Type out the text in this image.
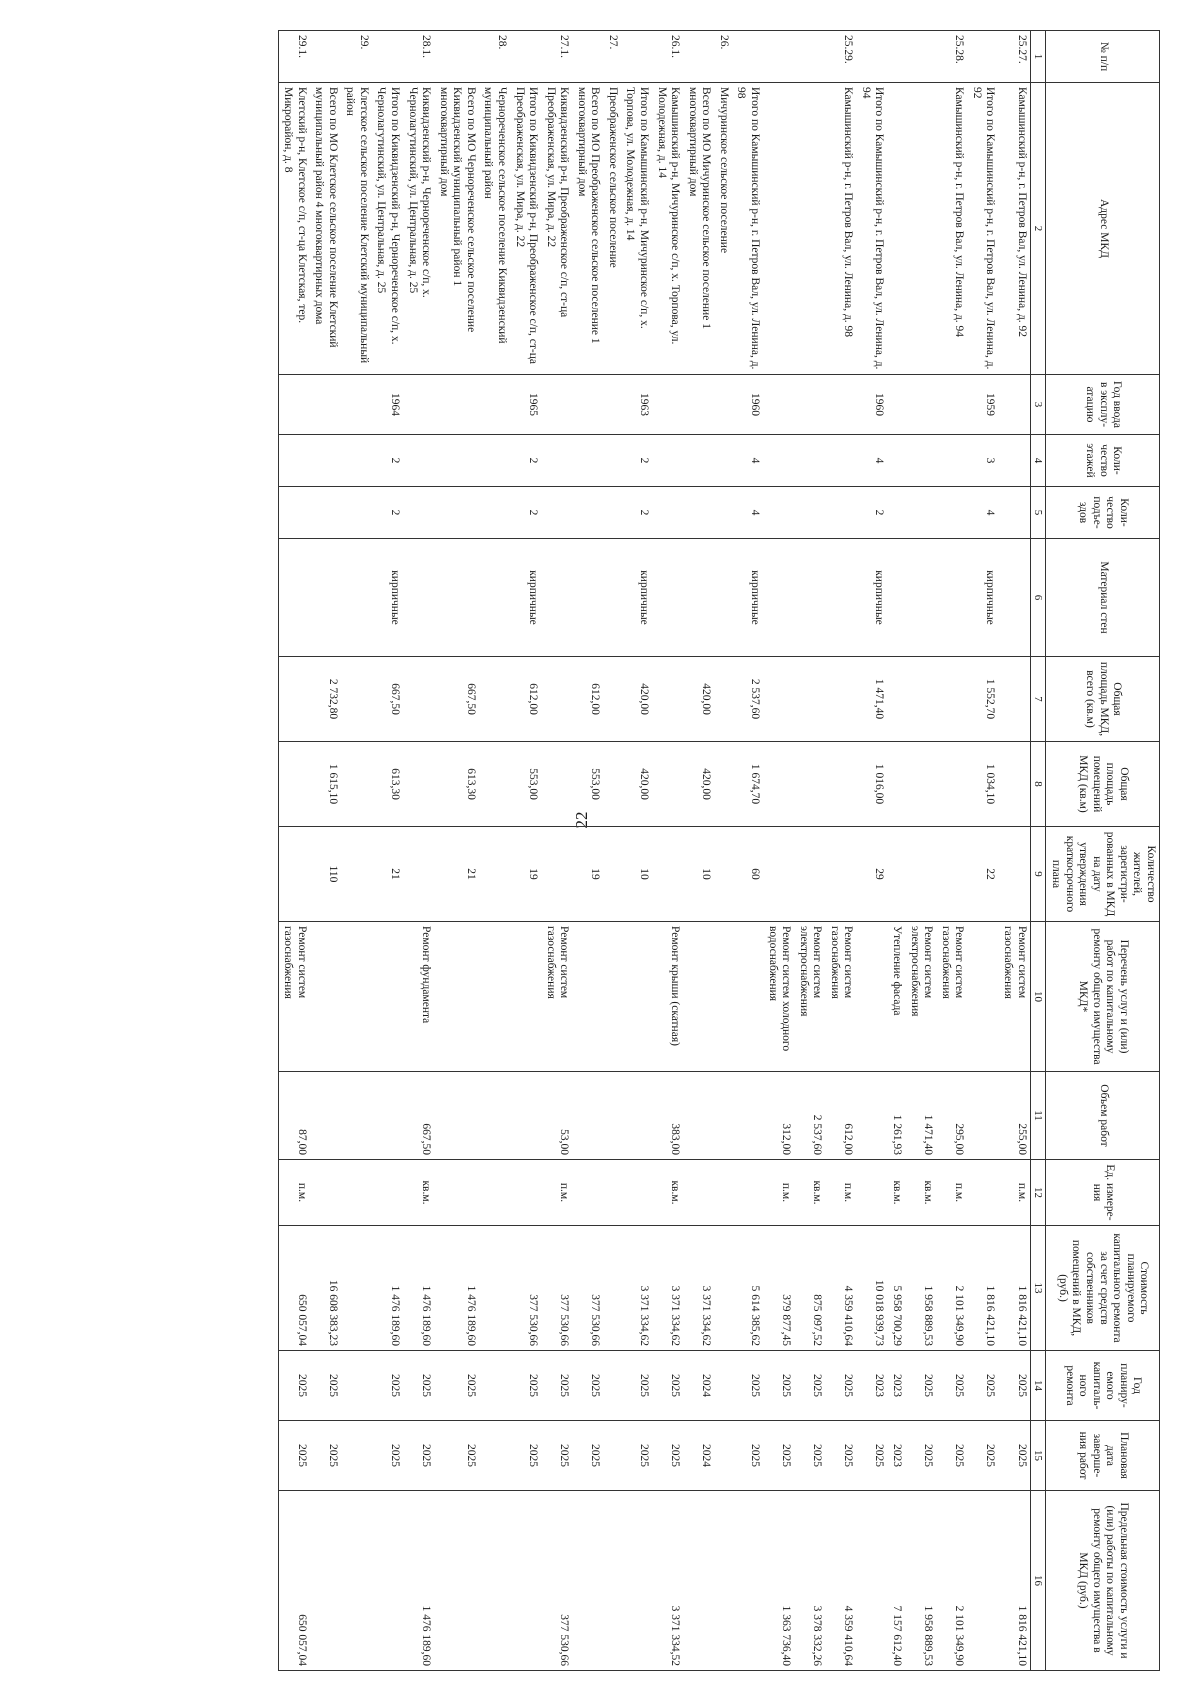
22
№ п/п	Адрес МКД	Год ввода в эксплу-атацию	Коли-чество этажей	Коли-чество подъе-здов	Материал стен	Общая площадь МКД, всего (кв.м)	Общая площадь помещений МКД (кв.м)	Количество жителей, зарегистри-рованных в МКД на дату утверждения краткосрочного плана	Перечень услуг и (или) работ по капитальному ремонту общего имущества МКД*	Объем работ	Ед. измере-ния	Стоимость планируемого капитального ремонта за счет средств собственников помещений в МКД, (руб.)	Год планиру-емого капиталь-ного ремонта	Плановая дата заверше-ния работ	Предельная стоимость услуги и (или) работы по капитальному ремонту общего имущества в МКД (руб.)
1	2	3	4	5	6	7	8	9	10	11	12	13	14	15	16
25.27.	Камышинский р-н, г. Петров Вал, ул. Ленина, д. 92								Ремонт систем газоснабжения	255,00	п.м.	1 816 421,10	2025	2025	1 816 421,10
	Итого по Камышинский р-н, г. Петров Вал, ул. Ленина, д. 92	1959	3	4	кирпичные	1 552,70	1 034,10	22				1 816 421,10	2025	2025	
25.28.	Камышинский р-н, г. Петров Вал, ул. Ленина, д. 94								Ремонт систем газоснабжения	295,00	п.м.	2 101 349,90	2025	2025	2 101 349,90
									Ремонт систем электроснабжения	1 471,40	кв.м.	1 958 889,53	2025	2025	1 958 889,53
									Утепление фасада	1 261,93	кв.м.	5 958 700,29	2023	2023	7 157 612,40
	Итого по Камышинский р-н, г. Петров Вал, ул. Ленина, д. 94	1960	4	2	кирпичные	1 471,40	1 016,00	29				10 018 939,73	2023	2025	
25.29.	Камышинский р-н, г. Петров Вал, ул. Ленина, д. 98								Ремонт систем газоснабжения	612,00	п.м.	4 359 410,64	2025	2025	4 359 410,64
									Ремонт систем электроснабжения	2 537,60	кв.м.	875 097,52	2025	2025	3 378 332,26
									Ремонт систем холодного водоснабжения	312,00	п.м.	379 877,45	2025	2025	1 363 736,40
	Итого по Камышинский р-н, г. Петров Вал, ул. Ленина, д. 98	1960	4	4	кирпичные	2 537,60	1 674,70	60				5 614 385,62	2025	2025	
26.	Мичуринское сельское поселение														
	Всего по МО Мичуринское сельское поселение 1 многоквартирный дом					420,00	420,00	10				3 371 334,62	2024	2024	
26.1.	Камышинский р-н, Мичуринское с/п, х. Торпова, ул. Молодежная, д. 14								Ремонт крыши (скатная)	383,00	кв.м.	3 371 334,62	2025	2025	3 371 334,52
	Итого по Камышинский р-н, Мичуринское с/п, х. Торпова, ул. Молодежная, д. 14	1963	2	2	кирпичные	420,00	420,00	10				3 371 334,62	2025	2025	
27.	Преображенское сельское поселение														
	Всего по МО Преображенское сельское поселение 1 многоквартирный дом					612,00	553,00	19				377 530,66	2025	2025	
27.1.	Киквидзенский р-н, Преображенское с/п, ст-ца Преображенская, ул. Мира, д. 22								Ремонт систем газоснабжения	53,00	п.м.	377 530,66	2025	2025	377 530,66
	Итого по Киквидзенский р-н, Преображенское с/п, ст-ца Преображенская, ул. Мира, д. 22	1965	2	2	кирпичные	612,00	553,00	19				377 530,66	2025	2025	
28.	Чернореченское сельское поселение Киквидзенский муниципальный район														
	Всего по МО Чернореченское сельское поселение Киквидзенский муниципальный район 1 многоквартирный дом					667,50	613,30	21				1 476 189,60	2025	2025	
28.1.	Киквидзенский р-н, Чернореченское с/п, х. Чернолагутинский, ул. Центральная, д. 25								Ремонт фундамента	667,50	кв.м.	1 476 189,60	2025	2025	1 476 189,60
	Итого по Киквидзенский р-н, Чернореченское с/п, х. Чернолагутинский, ул. Центральная, д. 25	1964	2	2	кирпичные	667,50	613,30	21				1 476 189,60	2025	2025	
29.	Клетское сельское поселение Клетский муниципальный район														
	Всего по МО Клетское сельское поселение Клетский муниципальный район 4 многоквартирных дома					2 732,80	1 615,10	110				16 608 383,23	2025	2025	
29.1.	Клетский р-н, Клетское с/п, ст-ца Клетская, тер. Микрорайон, д. 8								Ремонт систем газоснабжения	87,00	п.м.	650 057,04	2025	2025	650 057,04
